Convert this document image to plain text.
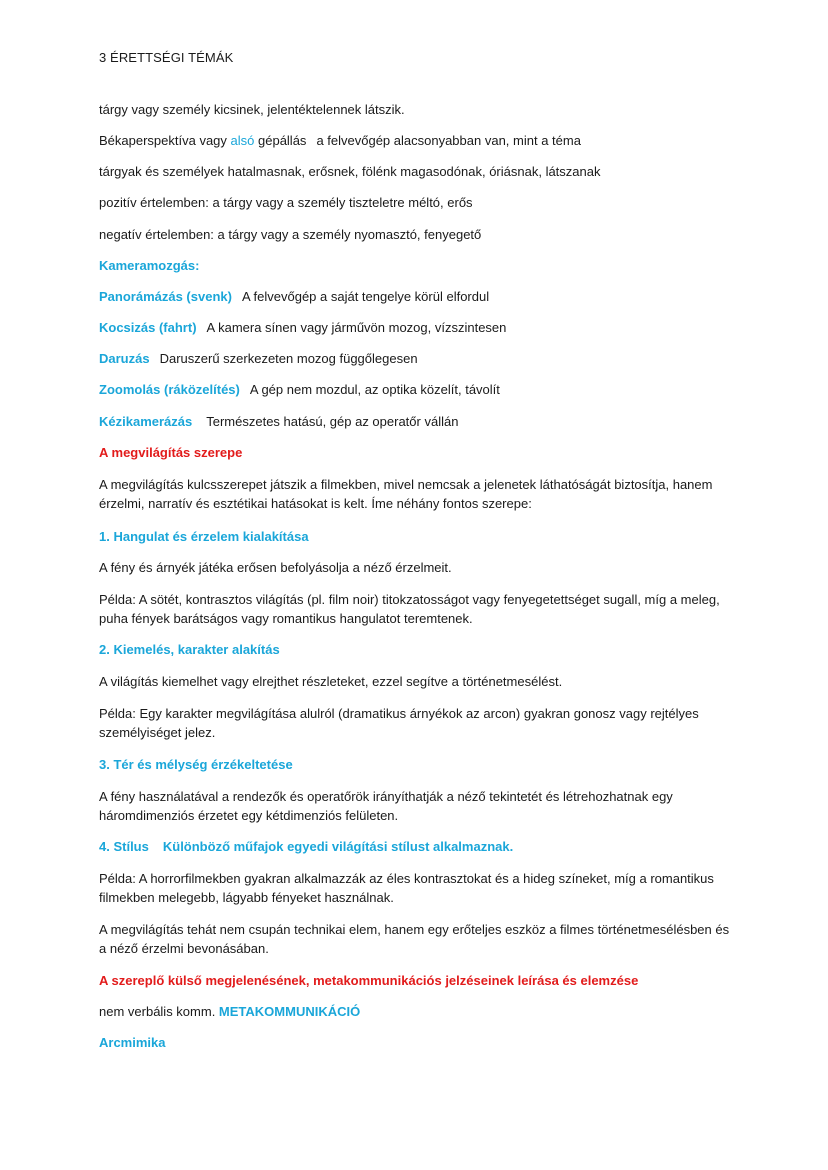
3 ÉRETTSÉGI TÉMÁK
tárgy vagy személy kicsinek, jelentéktelennek látszik.
Békaperspektíva vagy alsó gépállás a felvevőgép alacsonyabban van, mint a téma
tárgyak és személyek hatalmasnak, erősnek, fölénk magasodónak, óriásnak, látszanak
pozitív értelemben: a tárgy vagy a személy tiszteletre méltó, erős
negatív értelemben: a tárgy vagy a személy nyomasztó, fenyegető
Kameramozgás:
Panorámázás (svenk) A felvevőgép a saját tengelye körül elfordul
Kocsizás (fahrt) A kamera sínen vagy járművön mozog, vízszintesen
Daruzás Daruszerű szerkezeten mozog függőlegesen
Zoomolás (ráközelítés) A gép nem mozdul, az optika közelít, távolít
Kézikamerázás Természetes hatású, gép az operatőr vállán
A megvilágítás szerepe
A megvilágítás kulcsszerepet játszik a filmekben, mivel nemcsak a jelenetek láthatóságát biztosítja, hanem érzelmi, narratív és esztétikai hatásokat is kelt. Íme néhány fontos szerepe:
1. Hangulat és érzelem kialakítása
A fény és árnyék játéka erősen befolyásolja a néző érzelmeit.
Példa: A sötét, kontrasztos világítás (pl. film noir) titokzatosságot vagy fenyegetettséget sugall, míg a meleg, puha fények barátságos vagy romantikus hangulatot teremtenek.
2. Kiemelés, karakter alakítás
A világítás kiemelhet vagy elrejthet részleteket, ezzel segítve a történetmesélést.
Példa: Egy karakter megvilágítása alulról (dramatikus árnyékok az arcon) gyakran gonosz vagy rejtélyes személyiséget jelez.
3. Tér és mélység érzékeltetése
A fény használatával a rendezők és operatőrök irányíthatják a néző tekintetét és létrehozhatnak egy háromdimenziós érzetet egy kétdimenziós felületen.
4. Stílus Különböző műfajok egyedi világítási stílust alkalmaznak.
Példa: A horrorfilmekben gyakran alkalmazzák az éles kontrasztokat és a hideg színeket, míg a romantikus filmekben melegebb, lágyabb fényeket használnak.
A megvilágítás tehát nem csupán technikai elem, hanem egy erőteljes eszköz a filmes történetmesélésben és a néző érzelmi bevonásában.
A szereplő külső megjelenésének, metakommunikációs jelzéseinek leírása és elemzése
nem verbális komm. METAKOMMUNIKÁCIÓ
Arcmimika
